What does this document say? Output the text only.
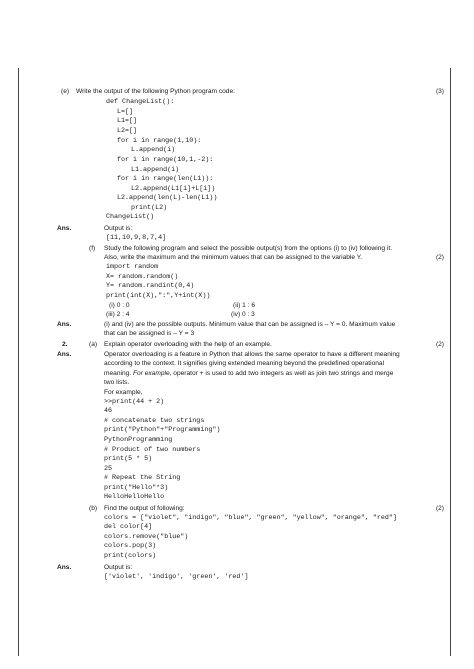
(e) Write the output of the following Python program code:	(3)
def ChangeList():
L=[]
L1=[]
L2=[]
for i in range(1,10):
L.append(i)
for i in range(10,1,-2):
L1.append(i)
for i in range(len(L1)):
L2.append(L1[i]+L[i])
L2.append(len(L)-len(L1))
print(L2)
ChangeList()
Ans.	Output is:
[11,10,9,8,7,4]
(f) Study the following program and select the possible output(s) from the options (i) to (iv) following it.
Also, write the maximum and the minimum values that can be assigned to the variable Y.	(2)
import random
X= random.random()
Y= random.randint(0,4)
print(int(X),":",Y+int(X))
(i) 0 : 0	(ii) 1 : 6
(iii) 2 : 4	(iv) 0 : 3
Ans.	(i) and (iv) are the possible outputs. Minimum value that can be assigned is – Y = 0. Maximum value
that can be assigned is – Y = 3
2.	(a) Explain operator overloading with the help of an example.	(2)
Ans.	Operator overloading is a feature in Python that allows the same operator to have a different meaning
according to the context. It signifies giving extended meaning beyond the predefined operational
meaning. For example, operator + is used to add two integers as well as join two strings and merge
two lists.
For example,
>>print(44 + 2)
46
# concatenate two strings
print("Python"+"Programming")
PythonProgramming
# Product of two numbers
print(5 * 5)
25
# Repeat the String
print("Hello"*3)
HelloHelloHello
(b) Find the output of following:	(2)
colors = ["violet", "indigo", "blue", "green", "yellow", "orange", "red"]
del color[4]
colors.remove("blue")
colors.pop(3)
print(colors)
Ans.	Output is:
['violet', 'indigo', 'green', 'red']
